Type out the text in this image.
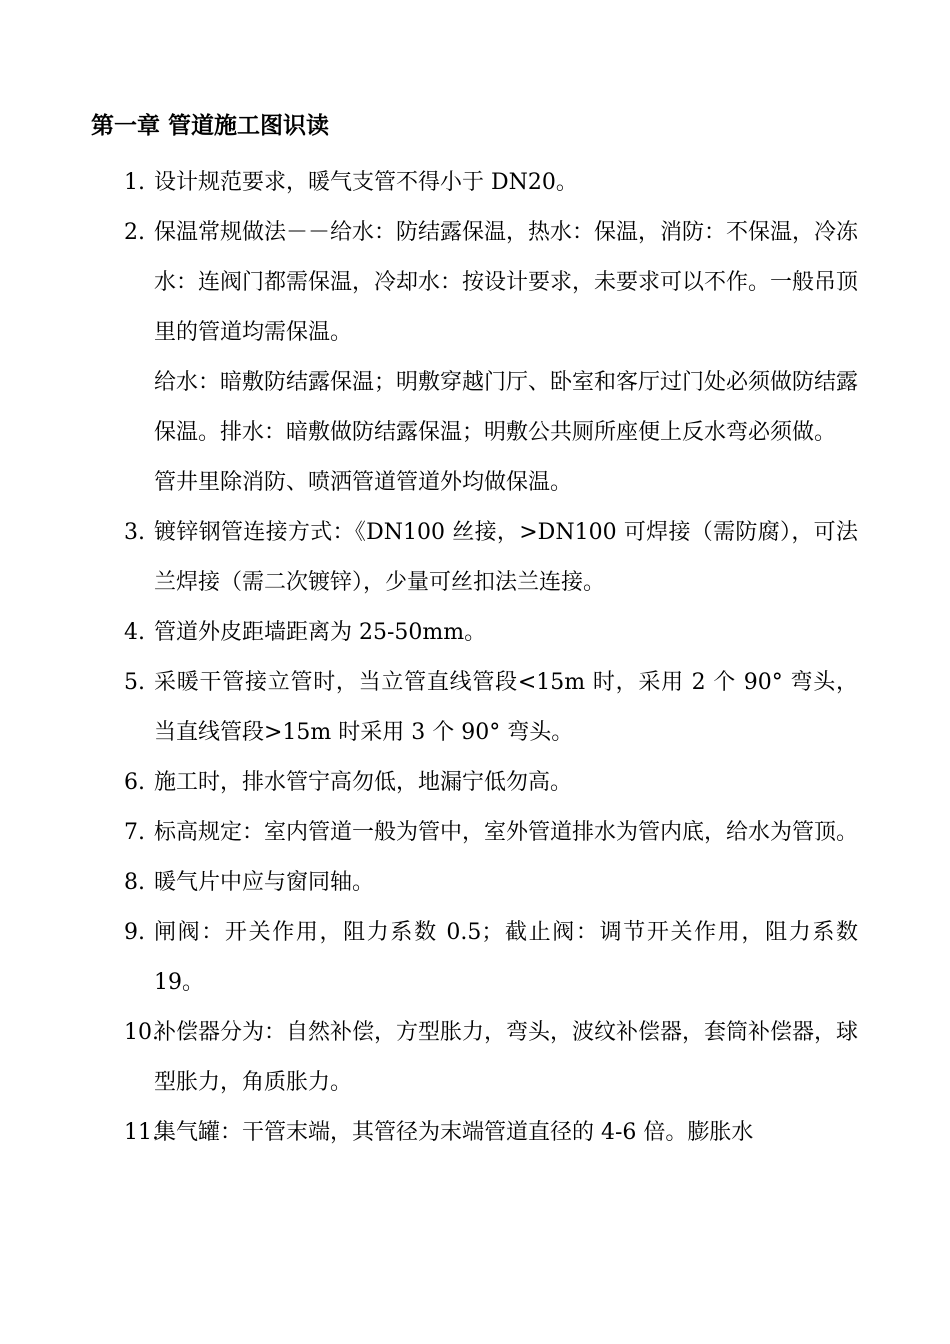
第一章 管道施工图识读
1. 设计规范要求，暖气支管不得小于 DN20。
2. 保温常规做法－－给水：防结露保温，热水：保温，消防：不保温，冷冻水：连阀门都需保温，冷却水：按设计要求，未要求可以不作。一般吊顶里的管道均需保温。
给水：暗敷防结露保温；明敷穿越门厅、卧室和客厅过门处必须做防结露保温。排水：暗敷做防结露保温；明敷公共厕所座便上反水弯必须做。
管井里除消防、喷洒管道管道外均做保温。
3. 镀锌钢管连接方式：《DN100 丝接，>DN100 可焊接（需防腐），可法兰焊接（需二次镀锌），少量可丝扣法兰连接。
4. 管道外皮距墙距离为 25-50mm。
5. 采暖干管接立管时，当立管直线管段<15m 时，采用 2 个 90° 弯头，当直线管段>15m 时采用 3 个 90° 弯头。
6. 施工时，排水管宁高勿低，地漏宁低勿高。
7. 标高规定：室内管道一般为管中，室外管道排水为管内底，给水为管顶。
8. 暖气片中应与窗同轴。
9. 闸阀：开关作用，阻力系数 0.5；截止阀：调节开关作用，阻力系数 19。
10.
补偿器分为：自然补偿，方型胀力，弯头，波纹补偿器，套筒补偿器，球型胀力，角质胀力。
11.
集气罐：干管末端，其管径为末端管道直径的 4-6 倍。膨胀水
